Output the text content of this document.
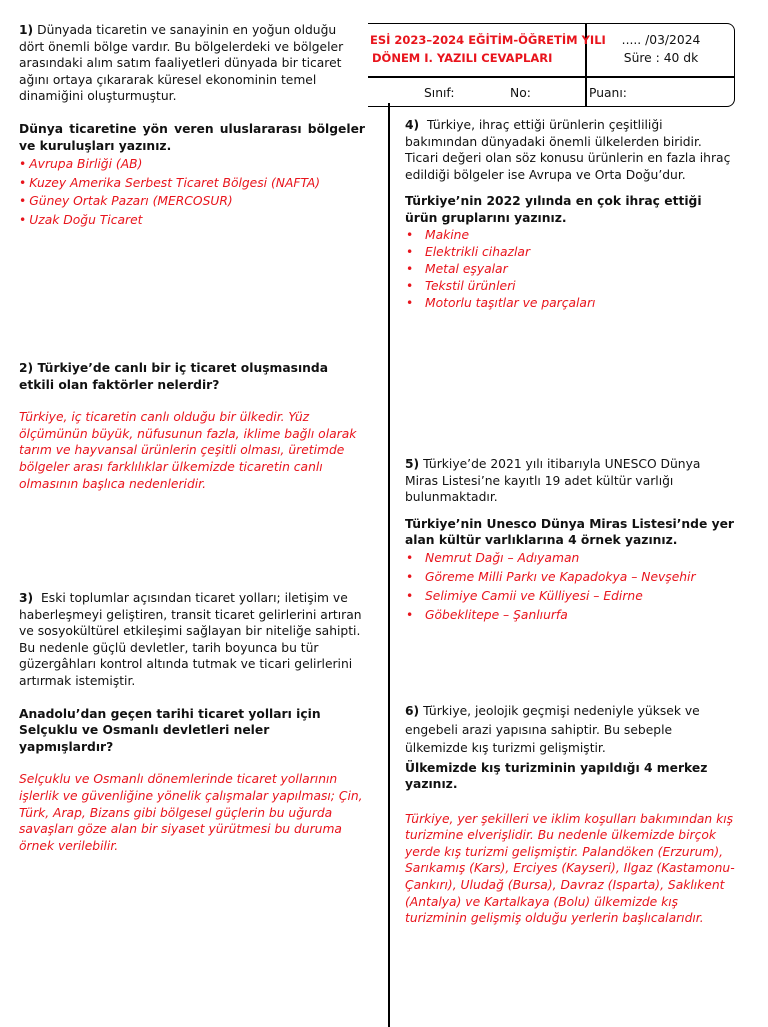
ESİ 2023–2024 EĞİTİM-ÖĞRETİM YILI
DÖNEM I. YAZILI CEVAPLARI
..... /03/2024
Süre : 40 dk
Sınıf:	No:	Puanı:
1) Dünyada ticaretin ve sanayinin en yoğun olduğu dört önemli bölge vardır. Bu bölgelerdeki ve bölgeler arasındaki alım satım faaliyetleri dünyada bir ticaret ağını ortaya çıkararak küresel ekonominin temel dinamiğini oluşturmuştur.
Dünya ticaretine yön veren uluslararası bölgeler ve kuruluşları yazınız.
• Avrupa Birliği (AB)
• Kuzey Amerika Serbest Ticaret Bölgesi (NAFTA)
• Güney Ortak Pazarı (MERCOSUR)
• Uzak Doğu Ticaret
2) Türkiye’de canlı bir iç ticaret oluşmasında etkili olan faktörler nelerdir?
Türkiye, iç ticaretin canlı olduğu bir ülkedir. Yüz ölçümünün büyük, nüfusunun fazla, iklime bağlı olarak tarım ve hayvansal ürünlerin çeşitli olması, üretimde bölgeler arası farklılıklar ülkemizde ticaretin canlı olmasının başlıca nedenleridir.
3) Eski toplumlar açısından ticaret yolları; iletişim ve haberleşmeyi geliştiren, transit ticaret gelirlerini artıran ve sosyokültürel etkileşimi sağlayan bir niteliğe sahipti. Bu nedenle güçlü devletler, tarih boyunca bu tür güzergâhları kontrol altında tutmak ve ticari gelirlerini artırmak istemiştir.
Anadolu’dan geçen tarihi ticaret yolları için Selçuklu ve Osmanlı devletleri neler yapmışlardır?
Selçuklu ve Osmanlı dönemlerinde ticaret yollarının işlerlik ve güvenliğine yönelik çalışmalar yapılması; Çin, Türk, Arap, Bizans gibi bölgesel güçlerin bu uğurda savaşları göze alan bir siyaset yürütmesi bu duruma örnek verilebilir.
4) Türkiye, ihraç ettiği ürünlerin çeşitliliği bakımından dünyadaki önemli ülkelerden biridir. Ticari değeri olan söz konusu ürünlerin en fazla ihraç edildiği bölgeler ise Avrupa ve Orta Doğu’dur.
Türkiye’nin 2022 yılında en çok ihraç ettiği ürün gruplarını yazınız.
• Makine
• Elektrikli cihazlar
• Metal eşyalar
• Tekstil ürünleri
• Motorlu taşıtlar ve parçaları
5) Türkiye’de 2021 yılı itibarıyla UNESCO Dünya Miras Listesi’ne kayıtlı 19 adet kültür varlığı bulunmaktadır.
Türkiye’nin Unesco Dünya Miras Listesi’nde yer alan kültür varlıklarına 4 örnek yazınız.
• Nemrut Dağı – Adıyaman
• Göreme Milli Parkı ve Kapadokya – Nevşehir
• Selimiye Camii ve Külliyesi – Edirne
• Göbeklitepe – Şanlıurfa
6) Türkiye, jeolojik geçmişi nedeniyle yüksek ve engebeli arazi yapısına sahiptir. Bu sebeple ülkemizde kış turizmi gelişmiştir.
Ülkemizde kış turizminin yapıldığı 4 merkez yazınız.
Türkiye, yer şekilleri ve iklim koşulları bakımından kış turizmine elverişlidir. Bu nedenle ülkemizde birçok yerde kış turizmi gelişmiştir. Palandöken (Erzurum), Sarıkamış (Kars), Erciyes (Kayseri), Ilgaz (Kastamonu-Çankırı), Uludağ (Bursa), Davraz (Isparta), Saklıkent (Antalya) ve Kartalkaya (Bolu) ülkemizde kış turizminin gelişmiş olduğu yerlerin başlıcalarıdır.
